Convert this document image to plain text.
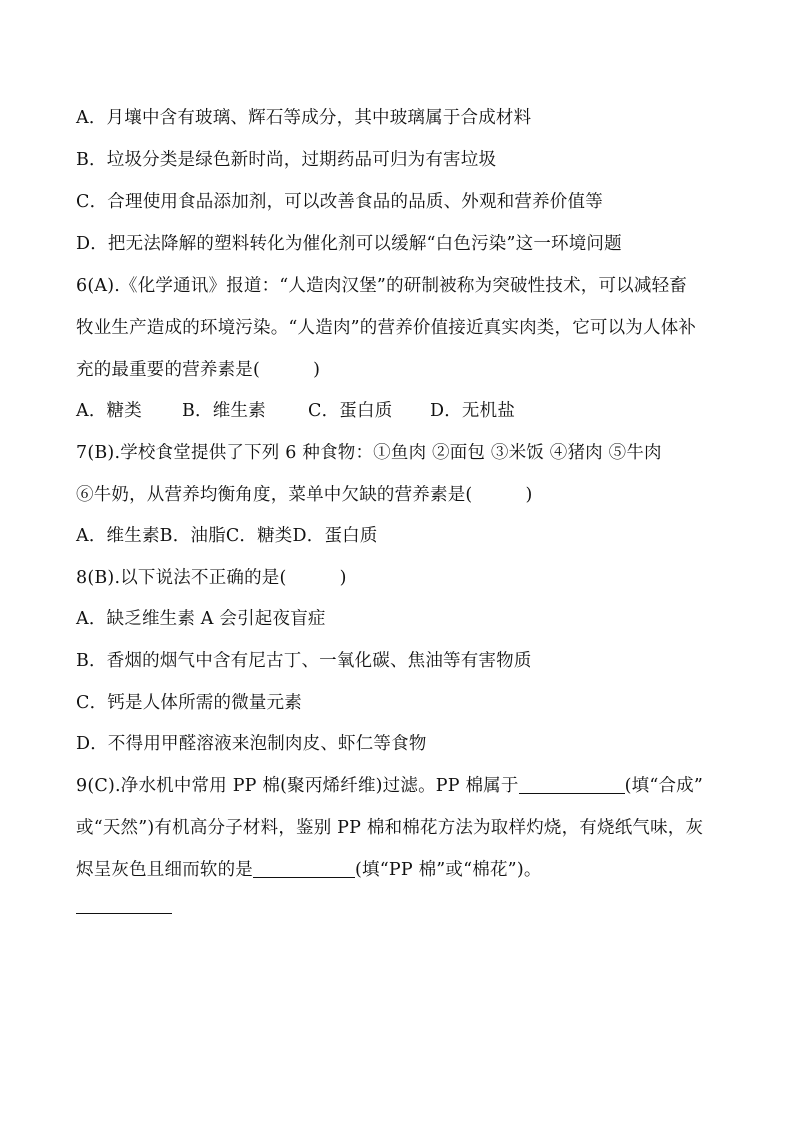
A．月壤中含有玻璃、辉石等成分，其中玻璃属于合成材料
B．垃圾分类是绿色新时尚，过期药品可归为有害垃圾
C．合理使用食品添加剂，可以改善食品的品质、外观和营养价值等
D．把无法降解的塑料转化为催化剂可以缓解“白色污染”这一环境问题
6(A).《化学通讯》报道：“人造肉汉堡”的研制被称为突破性技术，可以减轻畜
牧业生产造成的环境污染。“人造肉”的营养价值接近真实肉类，它可以为人体补
充的最重要的营养素是(　　　)
A．糖类 B．维生素 C．蛋白质 D．无机盐
7(B).学校食堂提供了下列 6 种食物：①鱼肉 ②面包 ③米饭 ④猪肉 ⑤牛肉
⑥牛奶，从营养均衡角度，菜单中欠缺的营养素是(　　　)
A．维生素B．油脂C．糖类D．蛋白质
8(B).以下说法不正确的是(　　　)
A．缺乏维生素 A 会引起夜盲症
B．香烟的烟气中含有尼古丁、一氧化碳、焦油等有害物质
C．钙是人体所需的微量元素
D．不得用甲醛溶液来泡制肉皮、虾仁等食物
9(C).净水机中常用 PP 棉(聚丙烯纤维)过滤。PP 棉属于	(填“合成”
或“天然”)有机高分子材料，鉴别 PP 棉和棉花方法为取样灼烧，有烧纸气味，灰
烬呈灰色且细而软的是	(填“PP 棉”或“棉花”)。
